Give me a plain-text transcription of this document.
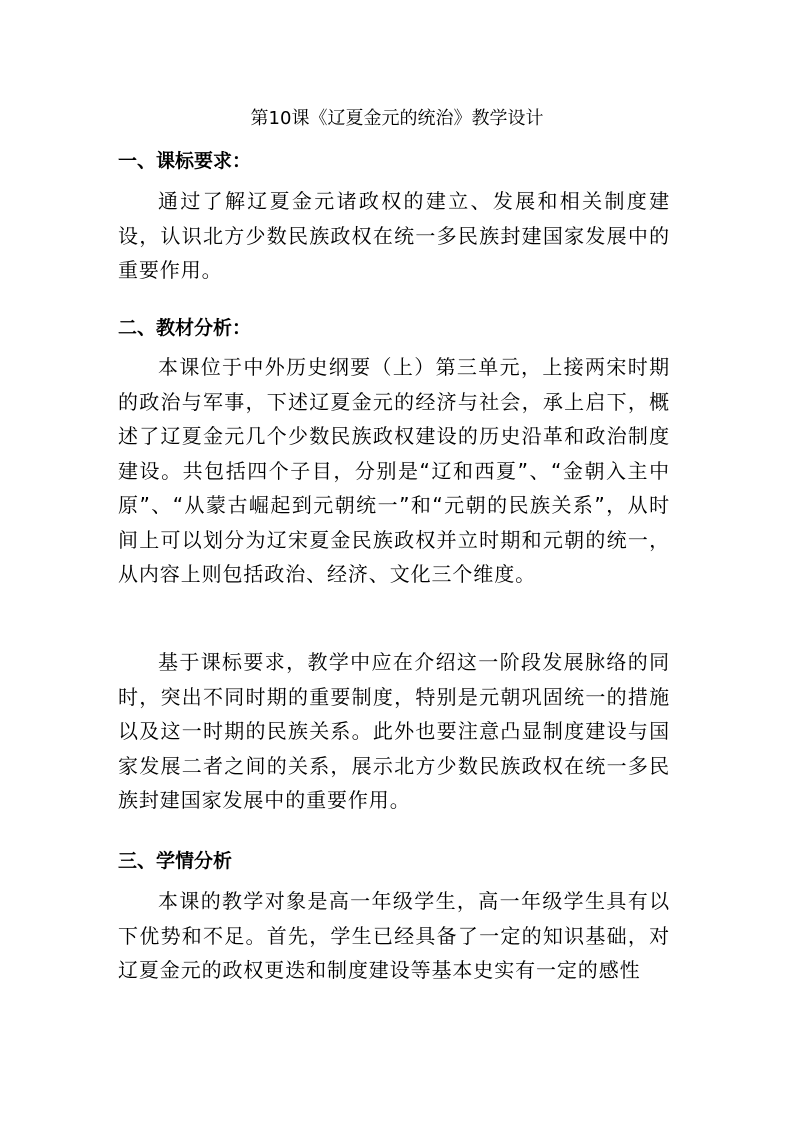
第10课《辽夏金元的统治》教学设计
一、课标要求：

通过了解辽夏金元诸政权的建立、发展和相关制度建设，认识北方少数民族政权在统一多民族封建国家发展中的重要作用。

二、教材分析：

本课位于中外历史纲要（上）第三单元，上接两宋时期的政治与军事，下述辽夏金元的经济与社会，承上启下，概述了辽夏金元几个少数民族政权建设的历史沿革和政治制度建设。共包括四个子目，分别是“辽和西夏”、“金朝入主中原”、“从蒙古崛起到元朝统一”和“元朝的民族关系”，从时间上可以划分为辽宋夏金民族政权并立时期和元朝的统一，从内容上则包括政治、经济、文化三个维度。

基于课标要求，教学中应在介绍这一阶段发展脉络的同时，突出不同时期的重要制度，特别是元朝巩固统一的措施以及这一时期的民族关系。此外也要注意凸显制度建设与国家发展二者之间的关系，展示北方少数民族政权在统一多民族封建国家发展中的重要作用。

三、学情分析

本课的教学对象是高一年级学生，高一年级学生具有以下优势和不足。首先，学生已经具备了一定的知识基础，对辽夏金元的政权更迭和制度建设等基本史实有一定的感性
